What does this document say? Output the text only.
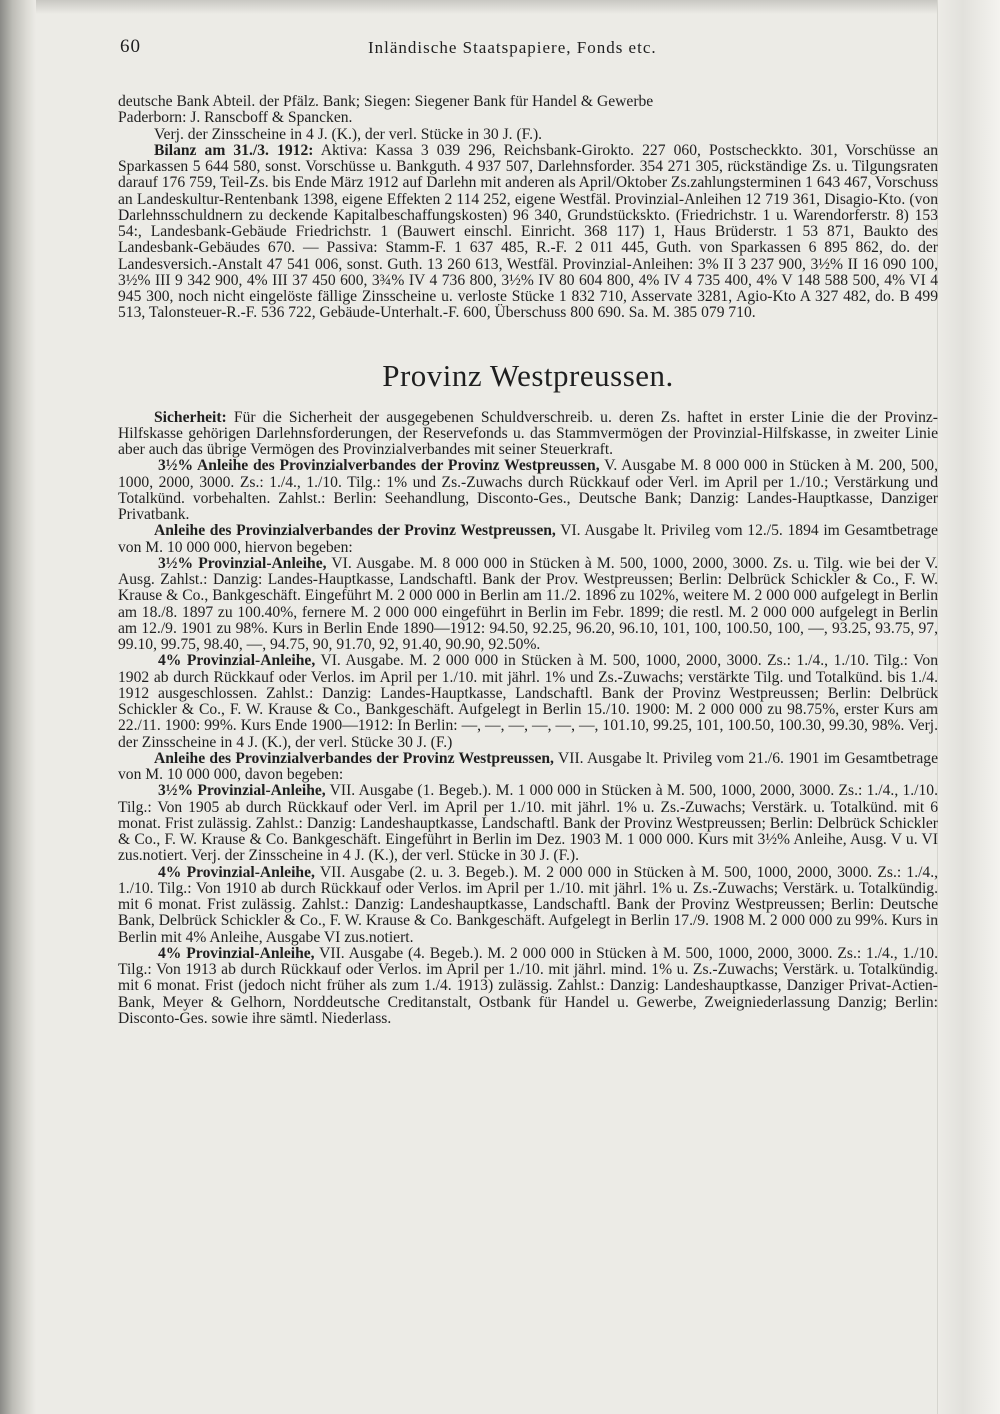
60	Inländische Staatspapiere, Fonds etc.

deutsche Bank Abteil. der Pfälz. Bank; Siegen: Siegener Bank für Handel & Gewerbe

Paderborn: J. Ranscboff & Spancken.

Verj. der Zinsscheine in 4 J. (K.), der verl. Stücke in 30 J. (F.).

Bilanz am 31./3. 1912: Aktiva: Kassa 3 039 296, Reichsbank-Girokto. 227 060, Postscheckkto. 301, Vorschüsse an Sparkassen 5 644 580, sonst. Vorschüsse u. Bankguth. 4 937 507, Darlehnsforder. 354 271 305, rückständige Zs. u. Tilgungsraten darauf 176 759, Teil-Zs. bis Ende März 1912 auf Darlehn mit anderen als April/Oktober Zs.zahlungsterminen 1 643 467, Vorschuss an Landeskultur-Rentenbank 1398, eigene Effekten 2 114 252, eigene Westfäl. Provinzial-Anleihen 12 719 361, Disagio-Kto. (von Darlehnsschuldnern zu deckende Kapitalbeschaffungskosten) 96 340, Grundstückskto. (Friedrichstr. 1 u. Warendorferstr. 8) 153 54:, Landesbank-Gebäude Friedrichstr. 1 (Bauwert einschl. Einricht. 368 117) 1, Haus Brüderstr. 1 53 871, Baukto des Landesbank-Gebäudes 670. — Passiva: Stamm-F. 1 637 485, R.-F. 2 011 445, Guth. von Sparkassen 6 895 862, do. der Landesversich.-Anstalt 47 541 006, sonst. Guth. 13 260 613, Westfäl. Provinzial-Anleihen: 3% II 3 237 900, 3½% II 16 090 100, 3½% III 9 342 900, 4% III 37 450 600, 3¾% IV 4 736 800, 3½% IV 80 604 800, 4% IV 4 735 400, 4% V 148 588 500, 4% VI 4 945 300, noch nicht eingelöste fällige Zinsscheine u. verloste Stücke 1 832 710, Asservate 3281, Agio-Kto A 327 482, do. B 499 513, Talonsteuer-R.-F. 536 722, Gebäude-Unterhalt.-F. 600, Überschuss 800 690. Sa. M. 385 079 710.

Provinz Westpreussen.

Sicherheit: Für die Sicherheit der ausgegebenen Schuldverschreib. u. deren Zs. haftet in erster Linie die der Provinz-Hilfskasse gehörigen Darlehnsforderungen, der Reservefonds u. das Stammvermögen der Provinzial-Hilfskasse, in zweiter Linie aber auch das übrige Vermögen des Provinzialverbandes mit seiner Steuerkraft.

3½% Anleihe des Provinzialverbandes der Provinz Westpreussen, V. Ausgabe M. 8 000 000 in Stücken à M. 200, 500, 1000, 2000, 3000. Zs.: 1./4., 1./10. Tilg.: 1% und Zs.-Zuwachs durch Rückkauf oder Verl. im April per 1./10.; Verstärkung und Totalkünd. vorbehalten. Zahlst.: Berlin: Seehandlung, Disconto-Ges., Deutsche Bank; Danzig: Landes-Hauptkasse, Danziger Privatbank.

Anleihe des Provinzialverbandes der Provinz Westpreussen, VI. Ausgabe lt. Privileg vom 12./5. 1894 im Gesamtbetrage von M. 10 000 000, hiervon begeben:

3½% Provinzial-Anleihe, VI. Ausgabe. M. 8 000 000 in Stücken à M. 500, 1000, 2000, 3000. Zs. u. Tilg. wie bei der V. Ausg. Zahlst.: Danzig: Landes-Hauptkasse, Landschaftl. Bank der Prov. Westpreussen; Berlin: Delbrück Schickler & Co., F. W. Krause & Co., Bankgeschäft. Eingeführt M. 2 000 000 in Berlin am 11./2. 1896 zu 102%, weitere M. 2 000 000 aufgelegt in Berlin am 18./8. 1897 zu 100.40%, fernere M. 2 000 000 eingeführt in Berlin im Febr. 1899; die restl. M. 2 000 000 aufgelegt in Berlin am 12./9. 1901 zu 98%. Kurs in Berlin Ende 1890—1912: 94.50, 92.25, 96.20, 96.10, 101, 100, 100.50, 100, —, 93.25, 93.75, 97, 99.10, 99.75, 98.40, —, 94.75, 90, 91.70, 92, 91.40, 90.90, 92.50%.

4% Provinzial-Anleihe, VI. Ausgabe. M. 2 000 000 in Stücken à M. 500, 1000, 2000, 3000. Zs.: 1./4., 1./10. Tilg.: Von 1902 ab durch Rückkauf oder Verlos. im April per 1./10. mit jährl. 1% und Zs.-Zuwachs; verstärkte Tilg. und Totalkünd. bis 1./4. 1912 ausgeschlossen. Zahlst.: Danzig: Landes-Hauptkasse, Landschaftl. Bank der Provinz Westpreussen; Berlin: Delbrück Schickler & Co., F. W. Krause & Co., Bankgeschäft. Aufgelegt in Berlin 15./10. 1900: M. 2 000 000 zu 98.75%, erster Kurs am 22./11. 1900: 99%. Kurs Ende 1900—1912: In Berlin: —, —, —, —, —, —, 101.10, 99.25, 101, 100.50, 100.30, 99.30, 98%. Verj. der Zinsscheine in 4 J. (K.), der verl. Stücke 30 J. (F.)

Anleihe des Provinzialverbandes der Provinz Westpreussen, VII. Ausgabe lt. Privileg vom 21./6. 1901 im Gesamtbetrage von M. 10 000 000, davon begeben:

3½% Provinzial-Anleihe, VII. Ausgabe (1. Begeb.). M. 1 000 000 in Stücken à M. 500, 1000, 2000, 3000. Zs.: 1./4., 1./10. Tilg.: Von 1905 ab durch Rückkauf oder Verl. im April per 1./10. mit jährl. 1% u. Zs.-Zuwachs; Verstärk. u. Totalkünd. mit 6 monat. Frist zulässig. Zahlst.: Danzig: Landeshauptkasse, Landschaftl. Bank der Provinz Westpreussen; Berlin: Delbrück Schickler & Co., F. W. Krause & Co. Bankgeschäft. Eingeführt in Berlin im Dez. 1903 M. 1 000 000. Kurs mit 3½% Anleihe, Ausg. V u. VI zus.notiert. Verj. der Zinsscheine in 4 J. (K.), der verl. Stücke in 30 J. (F.).

4% Provinzial-Anleihe, VII. Ausgabe (2. u. 3. Begeb.). M. 2 000 000 in Stücken à M. 500, 1000, 2000, 3000. Zs.: 1./4., 1./10. Tilg.: Von 1910 ab durch Rückkauf oder Verlos. im April per 1./10. mit jährl. 1% u. Zs.-Zuwachs; Verstärk. u. Totalkündig. mit 6 monat. Frist zulässig. Zahlst.: Danzig: Landeshauptkasse, Landschaftl. Bank der Provinz Westpreussen; Berlin: Deutsche Bank, Delbrück Schickler & Co., F. W. Krause & Co. Bankgeschäft. Aufgelegt in Berlin 17./9. 1908 M. 2 000 000 zu 99%. Kurs in Berlin mit 4% Anleihe, Ausgabe VI zus.notiert.

4% Provinzial-Anleihe, VII. Ausgabe (4. Begeb.). M. 2 000 000 in Stücken à M. 500, 1000, 2000, 3000. Zs.: 1./4., 1./10. Tilg.: Von 1913 ab durch Rückkauf oder Verlos. im April per 1./10. mit jährl. mind. 1% u. Zs.-Zuwachs; Verstärk. u. Totalkündig. mit 6 monat. Frist (jedoch nicht früher als zum 1./4. 1913) zulässig. Zahlst.: Danzig: Landeshauptkasse, Danziger Privat-Actien-Bank, Meyer & Gelhorn, Norddeutsche Creditanstalt, Ostbank für Handel u. Gewerbe, Zweigniederlassung Danzig; Berlin: Disconto-Ges. sowie ihre sämtl. Niederlass.
